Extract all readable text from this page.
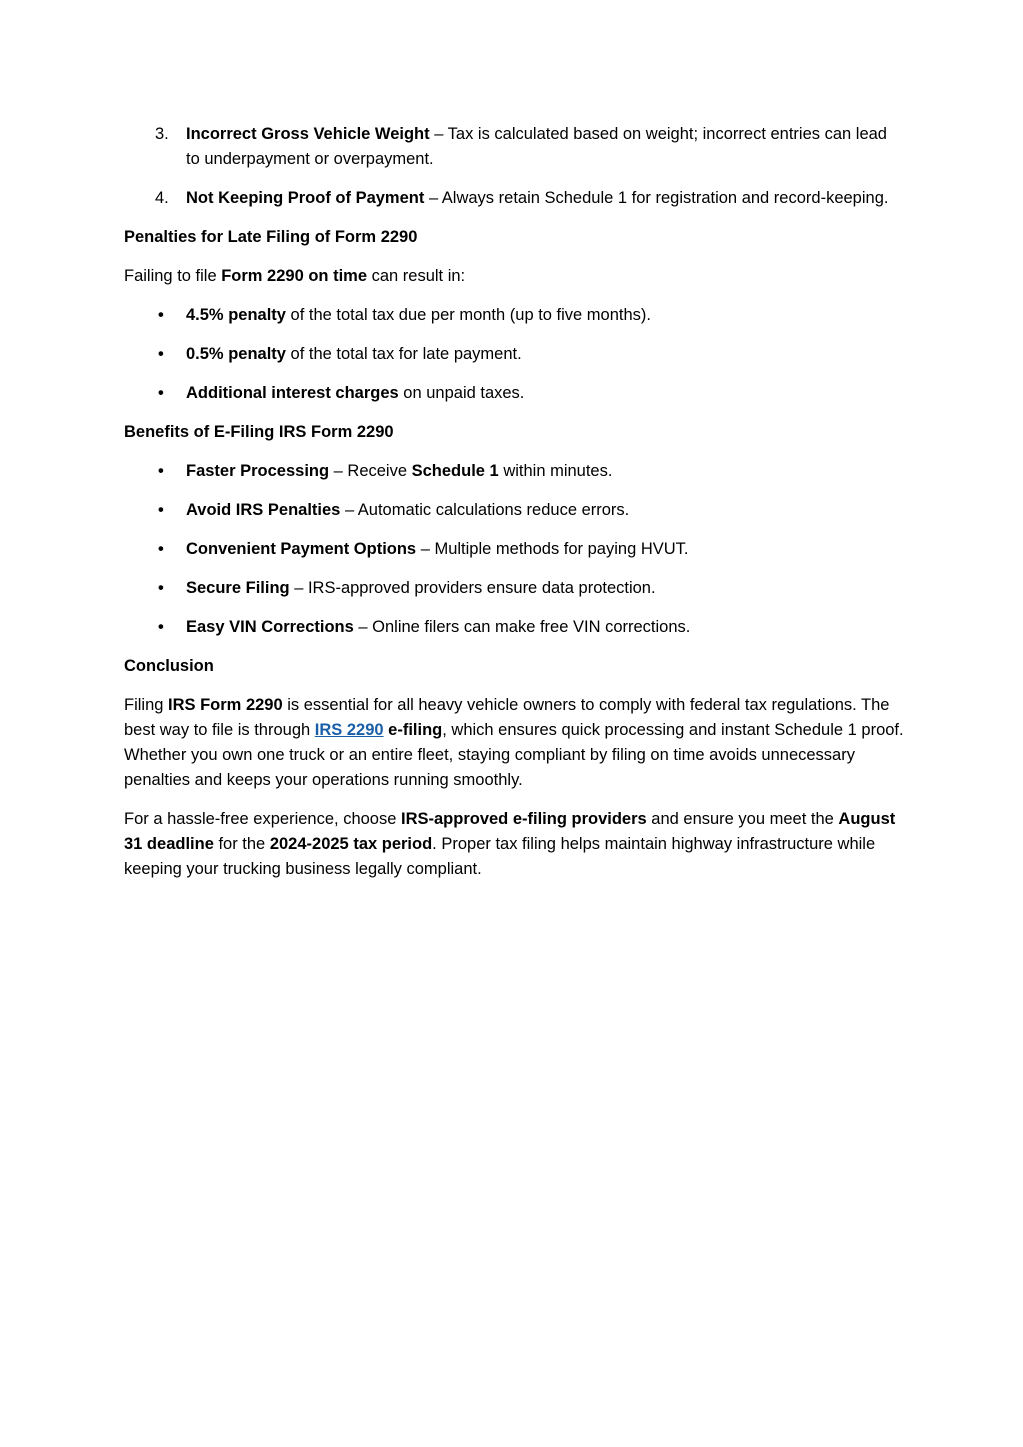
3. Incorrect Gross Vehicle Weight – Tax is calculated based on weight; incorrect entries can lead to underpayment or overpayment.
4. Not Keeping Proof of Payment – Always retain Schedule 1 for registration and record-keeping.

Penalties for Late Filing of Form 2290

Failing to file Form 2290 on time can result in:

• 4.5% penalty of the total tax due per month (up to five months).
• 0.5% penalty of the total tax for late payment.
• Additional interest charges on unpaid taxes.

Benefits of E-Filing IRS Form 2290

• Faster Processing – Receive Schedule 1 within minutes.
• Avoid IRS Penalties – Automatic calculations reduce errors.
• Convenient Payment Options – Multiple methods for paying HVUT.
• Secure Filing – IRS-approved providers ensure data protection.
• Easy VIN Corrections – Online filers can make free VIN corrections.

Conclusion

Filing IRS Form 2290 is essential for all heavy vehicle owners to comply with federal tax regulations. The best way to file is through IRS 2290 e-filing, which ensures quick processing and instant Schedule 1 proof. Whether you own one truck or an entire fleet, staying compliant by filing on time avoids unnecessary penalties and keeps your operations running smoothly.

For a hassle-free experience, choose IRS-approved e-filing providers and ensure you meet the August 31 deadline for the 2024-2025 tax period. Proper tax filing helps maintain highway infrastructure while keeping your trucking business legally compliant.
